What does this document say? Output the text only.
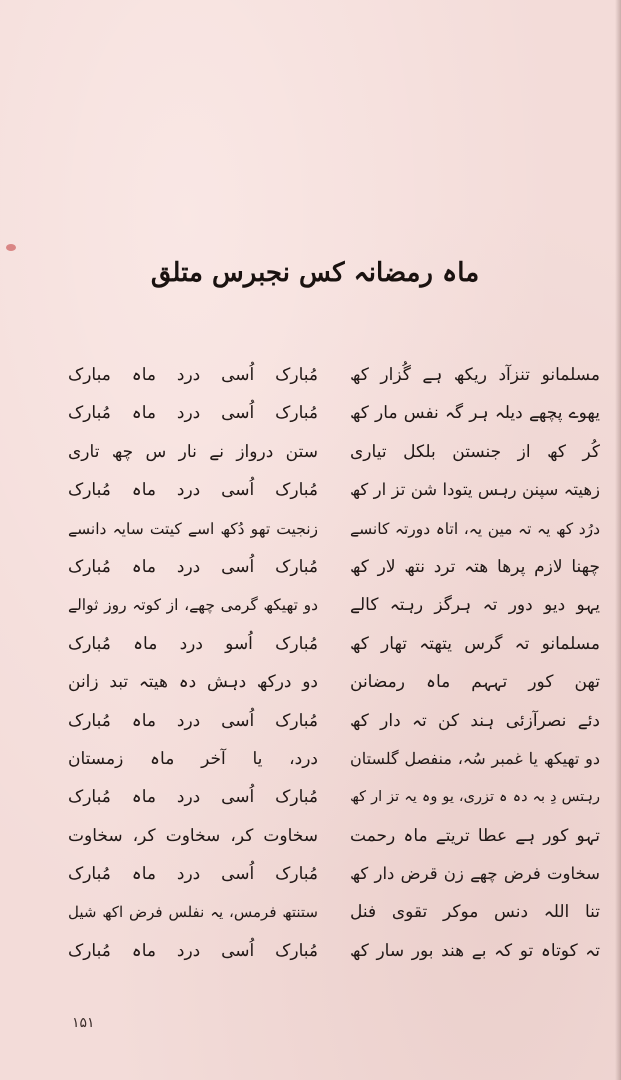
ماہ رمضانہ کس نجبرس متلق
مسلمانو تنزآد ریکھ ہے گُزار کھ
یھوے پچھے دیلہ ہر گہ نفس مار کھ
کُر کھ از جنستن بلکل تیاری
زھیتہ سپنن رہس یتودا شن تز ار کھ
درُد کھ یہ تہ مین یہ، اتاہ دورتہ کانسے
چھنا لازم پرھا ھتہ ترد نتھ لار کھ
یہو دیو دور تہ ہرگز رہتہ کالے
مسلمانو تہ گرس یتھتہ تھار کھ
تھن کور تہہم ماہ رمضانن
دئے نصرآزئی ہند کن تہ دار کھ
دو تھیکھ یا غمبر سُہ، منفصل گلستان
رہتس دِ بہ دہ ہ تزری، یو وہ یہ تز ار کھ
تہو کور ہے عطا تریتے ماہ رحمت
سخاوت فرض چھے زن قرض دار کھ
تنا اللہ دنس موکر تقوی فنل
تہ کوتاہ تو کہ بے ھند بور سار کھ
مُبارک اُسی درد ماہ مبارک
مُبارک اُسی درد ماہ مُبارک
ستن درواز نے نار س چھ تاری
مُبارک اُسی درد ماہ مُبارک
زنجیت تھو دُکھ اسے کیتت سایہ دانسے
مُبارک اُسی درد ماہ مُبارک
دو تھیکھ گرمی چھے، از کوتہ روز ثوالے
مُبارک اُسو درد ماہ مُبارک
دو درکھ دہش دہ ھیتہ تبد زانن
مُبارک اُسی درد ماہ مُبارک
درد، یا آخر ماہ زمستان
مُبارک اُسی درد ماہ مُبارک
سخاوت کر، سخاوت کر، سخاوت
مُبارک اُسی درد ماہ مُبارک
ستنتھ فرمس، یہ نفلس فرض اکھ شیل
مُبارک اُسی درد ماہ مُبارک
۱۵۱
